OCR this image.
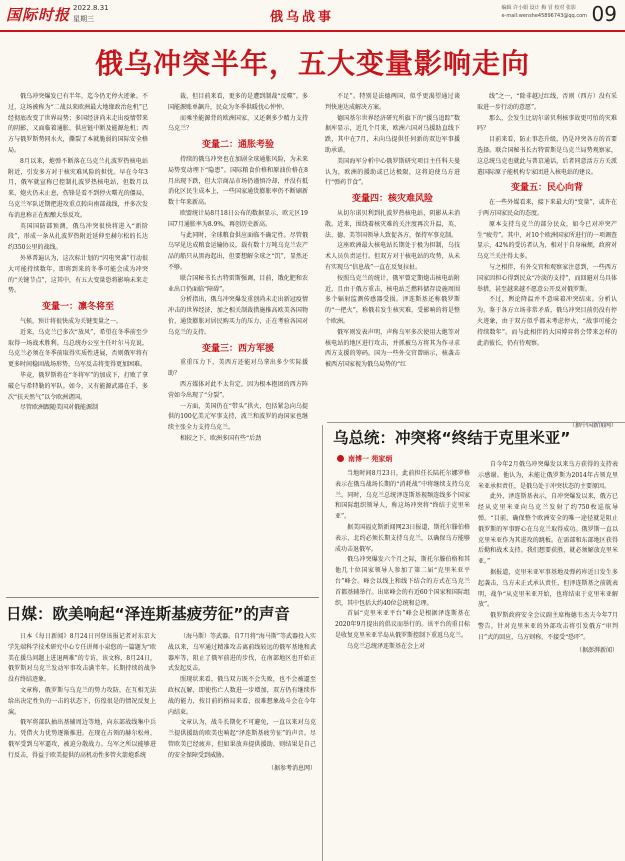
国际时报 2022.8.31
星期三	俄乌战事
编辑 许小娟 设计 梅 冒 校对 张影
e-mail:wenshe45896743@qq.com 09
俄乌冲突半年，五大变量影响走向

俄乌冲突爆发已有半年，迄今仍无停火迹象。不过，这场被称为“二战以来欧洲最大地缘政治危机”已经彻底改变了世界局势；多国经济尚未走出疫情带来的阴影，又面临着通胀、供应链中断及能源危机；西方与俄罗斯势同水火，撕裂了本就脆弱的国际安全格局。

8月以来，炮弹不断落在乌克兰扎波罗热核电站附近，引发多方对于核灾难风险的担忧。早在今年3月，俄军就宣称已控制扎波罗热核电站，但数月以来，炮火仍未止息，伤锋是看不到停火曙光的僵局，乌克兰军队近期把进攻重点转向南部战线，并多次发布消息称正在酝酿大举反攻。

英国国防部预测，俄乌冲突很快将进入“新阶段”，形成一条从扎波罗热附近延伸至赫尔松的长达约350公里的战线。

外界普遍认为，这次标计划的“闪电突袭”行动很大可能持续数年。即将到来的冬季可能会成为冲突的“关键节点”，这其中，有五大变量恐将影响未来走势。

变量一：凛冬将至

气候，预计将很快成为关键变量之一。

近来，乌克兰已多次“放风”，希望在冬季前至少取得一场战术胜利。乌总统办公室主任叶尔马克说，乌克兰必须在冬季前取得实质性进展，否则俄军将有更多时间稳固战场形势，乌军反击将变得更加困难。

毕竟，俄罗斯将在“冬将军”的加成下，打败了拿破仑与希特勒的军队。如今，又有能源武器在手，多次“扶天然气”以令欧洲诸国。

尽管欧洲跟随美国对俄能源制

裁，但目前来看，更多的是遭到制裁“反噬”。多国能源账单飙升，民众为冬季供暖忧心忡忡。

而乘坐能源背的欧洲国家，又还剩多少精力支持乌克兰？

变量二：通胀考验

持续的俄乌冲突也在加剧全球通胀风险，为未来局势变动埋下“隐患”。国际粮食价格和原油价格在8月出现下跌，但大宗商品市场仍谨慎冷却，并没有抵消化区民生成本上，一些国家通货膨胀率仍不断刷新数十年来新高。

欧盟统计局8月18日公布的数据显示，欧元区19国7月通胀率为8.9%，再创历史新高。

与此同时，全球粮食供应面临不确定性。尽管俄乌罕见达成粮食运输协议，载有数十万吨乌克兰农产品的船只从黑海起出，但要想解全球之“饥”，显然还不够。

联合国秘书长古特雷斯强调，目前，饿化肥和农业出口仍面临“障碍”。

分析指出，俄乌冲突爆发重创尚未走出新冠疫情冲击的世界经济，加之相关制裁措施推高欧美各国物价，通货膨胀对居民购买力的压力，正在考验各国对乌克兰的支持。

变量三：西方军援

重重压力下，美西方还能对乌拿出多少实际援助？

西方媒体对此不太肯定，因为根本抱团的西方阵营如今出现了“分裂”。

一方面，美国仍在“带头”拱火，包括紧急向乌提供的100亿美元军事支持，波兰和波罗的海国家也继续主张全力支持乌克兰。

相较之下，欧洲多国有些“后劲

不足”。特别是法德两国，似乎更渴望通过谈判快速达成解决方案。

德国基尔世界经济研究所旗下的“援乌追踪”数据库显示，近几个月来，欧洲六国对乌援助直线下跌，其中在7月，未向乌提供任何新的双边军事援助承诺。

美国海军分析中心俄罗斯研究项目主任科夫曼认为，欧洲的援助或已达极限，这将迫使乌方进行“弹药节食”。

变量四：核灾难风险

从切尔诺贝利到扎波罗热核电站，阴影从未消散。近来，围绕着核灾难的关注度再次升温，英、法、德、美等国领导人致促各方，保持军事克制。

这座欧洲最大核电站长期处于极为担制，乌技术人员负责运行。但双方对于核电站的攻势，从未有实现乌“信息战”一直在反复拉扯。

按照乌克兰的统计，俄军曾定期炮击核电站附近，且由于俄方重击，核电站乏燃料储存设施周围多个辐射监测传感器受损。泽连斯基还称俄罗斯的“一把火”，称俄若发生核灾难，受影响的将是整个欧洲。

俄军则发表声明，声称乌军多次使用大炮等对核电站的地区进行攻击，并抓被乌方将其为作寻求西方支援的筹码。国为一些外交官曾暗示，核袭击被西方国家视为俄乌局势的“红

线”之一，“除非越过红线，否则（西方）没有采取进一步行动的意愿”。

那么，会发生比切尔诺贝利核事故更可怕的灾难吗？

目前来看，防止事态升级，仍是冲突各方的首要选择。联合国秘书长古特雷斯是乌克兰局势观察家，这总统乌克也就此与普京通话，后者同意活方方关派遣国际原子能机构专家团进入核电站的建议。

变量五：民心向背

在一些外媒看来，接下来最大的“变量”，或许在于两方国家民众的态度。

原本支持乌克兰的部分民众，如今已对冲突产生“疲劳”。其中，对10个欧洲国家所进行的一项调查显示，42%的受访者认为，相对于自身麻烦，政府对乌克兰关注得太多。

与之相伴，有外交官和观察家注意到，一些西方国家因担心得到民众“冷淡的支持”，而回避对乌具体举措，甚至越来越不愿意公开反对俄罗斯。

不过，舆论降温并不意味着冲突结束。分析认为，鉴于各方立场非常矛盾，俄乌冲突目前仍没有停火迹象，由于双方似乎都未考虑停火，“战事可能会持续数年”。而与此相伴的大国博弈将会带来怎样的此消彼长，仍有待观察。

（据中国新闻网）
日媒：欧美响起“泽连斯基疲劳征”的声音

日本《每日新闻》8月24日刊登该报记者对东京大学先端科学技术研究中心专任讲师小泉悠的一篇题为“欧美在援乌问题上进退两难”的专访，该文称，8月24日，俄罗斯对乌克兰发动军事攻击满半年。长期持续的战争没有终结迹象。

文章称，俄罗斯与乌克兰的势力攻防，在互相无法给出决定性负的一击的状态下，仿徨很是的情况反复上演。

俄军将部队抽出基辅周边等地，向东部战线集中兵力。凭借火力优势逐渐推进。在现在占领的赫尔松州，俄军受到乌军逼攻，被迫分散战力。乌军之所以能够进行反击，得益于欧美提供的高机动性多管火箭炮系统

（海马斯）等武器。自7月将“海马斯”等武器投入实战以来，乌军通过精准攻击离前线较远的俄军基地和武器库等，阻止了俄军前进的步伐，在南部地区也开始正式发起反击。

照现状来看，俄乌双方既不会失败，也不会被逼至政权瓦解，即使伤亡人数进一步增加，双方仍有继续作战的能力，按目前的格局来看，很难想象战斗会在今年内结束。

文章认为，战斗长期化不可避免，一直以来对乌克兰提供援助的欧美也响起“泽连斯基疲劳征”的声音。尽管欧美已经疲弃，但如果放弃提供援助，则结果是自己的安全保障受到威胁。

（据参考消息网）
乌总统：冲突将“终结于克里米亚”
南博一 苑家炳

当地时间8月23日，此前担任长陆托尔娜罗格表示在俄乌战场长期的“消耗战”中将继续支持乌克兰。同时，乌克兰总统泽连斯基视频连线多个国家和国际组织领导人，称这场冲突将“终结于克里米亚”。

据美国福克斯新闻网23日报道，斯托尔滕伯格表示，北约必须长期支持乌克兰，以确保乌方能够成功击退俄军。

俄乌冲突爆发六个月之际，斯托尔滕伯格和其他几十位国家领导人参加了第二届“克里米亚平台”峰会。峰会以线上和线下结合的方式在乌克兰首都基辅举行。出席峰会的有近60个国家和国际组织，其中包括大约40位总统和总理。

首届“克里米亚平台”峰会是根据泽连斯基在2020年9月提出的倡议而举行的。该平台的重目标是收复克里米亚半岛从俄罗斯控制下重返乌克兰。

乌克兰总统泽连斯基在会上对

自今年2月俄乌冲突爆发以来乌方获得的支持表示感谢。他认为，未能让俄罗斯为2014年占领克里米亚承担责任，是俄乌处于冲突状态的主要原因。

此外，泽连斯基表示，自冲突爆发以来，俄方已经从克里米亚向乌克兰发射了约750枚巡航导弹。“目前，确保整个欧洲安全的唯一途径就是阻止俄罗斯的军事野心在乌克兰取得成功。俄罗斯一直以克里米亚作为其进攻的跳板。在需部和东部地区获得后勤和战术支持。我们想要获胜，就必须解放克里米亚。”

据报道，克里米亚军事基地及弹药库近日发生多起袭击，乌方未正式承认责任，但泽连斯基之前就表明，战争“从克里米亚开始，也将结束于克里米亚解放”。

俄罗斯政府安全会议副主席梅德韦杰夫今年7月警告，针对克里米亚的外部攻击将引发俄方“审判日”式的回应，乌方则称，不接受“恐吓”。

（据澎湃新闻）
